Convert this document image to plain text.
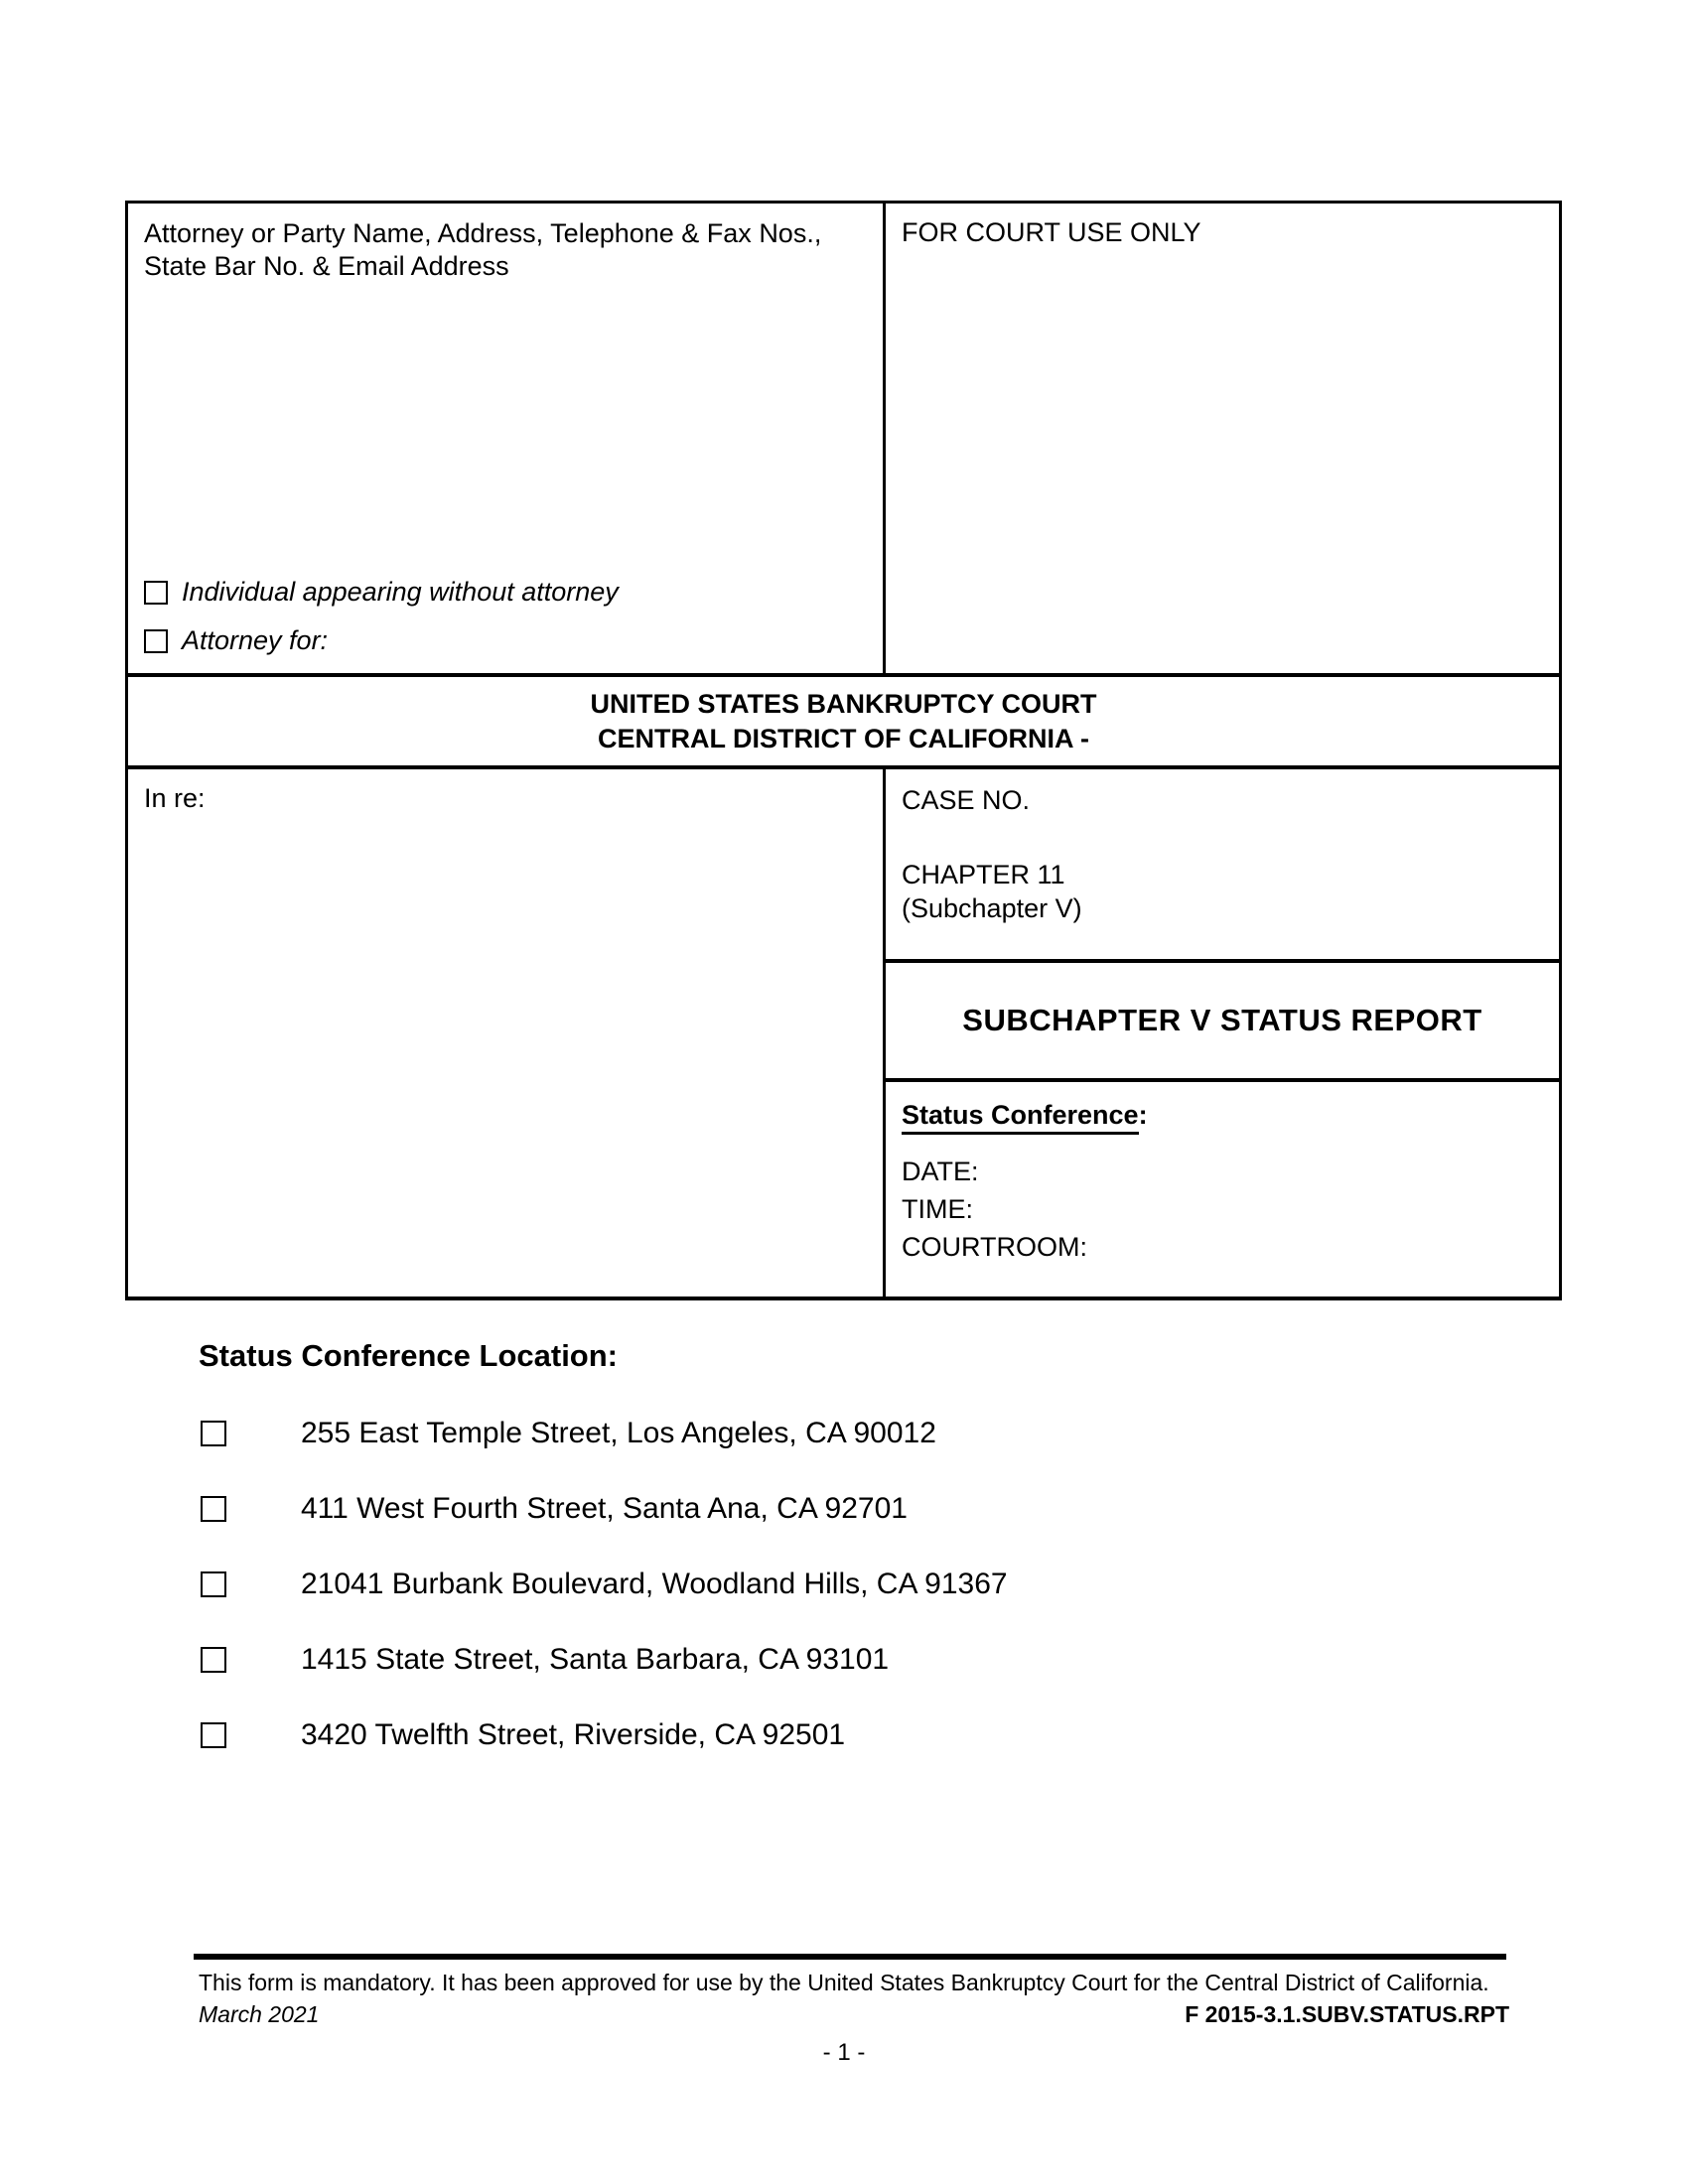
Attorney or Party Name, Address, Telephone & Fax Nos., State Bar No. & Email Address
Individual appearing without attorney
Attorney for:
FOR COURT USE ONLY
UNITED STATES BANKRUPTCY COURT
CENTRAL DISTRICT OF CALIFORNIA -
In re:	CASE NO.
CHAPTER 11
(Subchapter V)
SUBCHAPTER V STATUS REPORT
Status Conference:
DATE:
TIME:
COURTROOM:
Status Conference Location:
255 East Temple Street, Los Angeles, CA 90012
411 West Fourth Street, Santa Ana, CA 92701
21041 Burbank Boulevard, Woodland Hills, CA 91367
1415 State Street, Santa Barbara, CA 93101
3420 Twelfth Street, Riverside, CA 92501
This form is mandatory. It has been approved for use by the United States Bankruptcy Court for the Central District of California.
March 2021	F 2015-3.1.SUBV.STATUS.RPT
- 1 -
